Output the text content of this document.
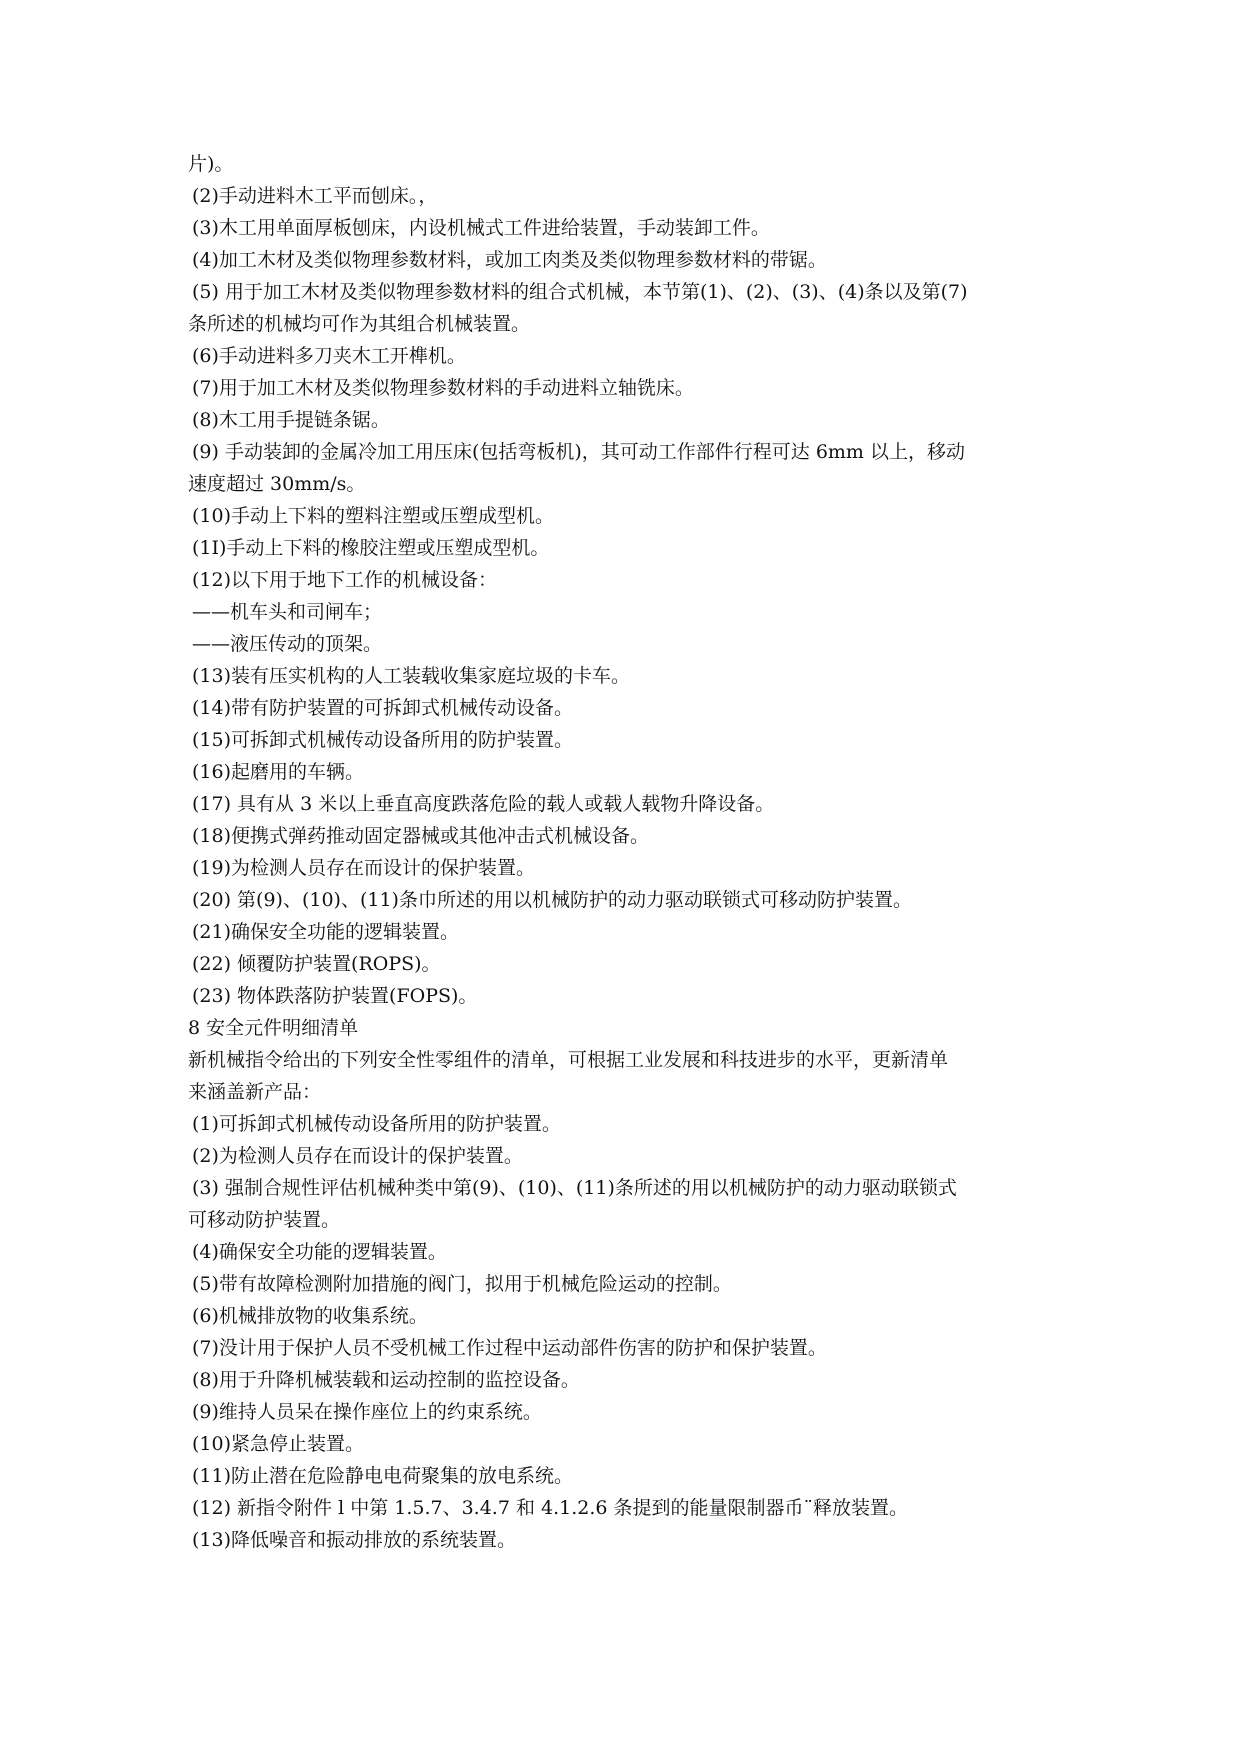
片)。

(2)手动进料木工平而刨床。，

(3)木工用单面厚板刨床，内设机械式工件进给装置，手动装卸工件。

(4)加工木材及类似物理参数材料，或加工肉类及类似物理参数材料的带锯。

(5) 用于加工木材及类似物理参数材料的组合式机械，本节第(1)、(2)、(3)、(4)条以及第(7)

条所述的机械均可作为其组合机械装置。

(6)手动进料多刀夹木工开榫机。

(7)用于加工木材及类似物理参数材料的手动进料立轴铣床。

(8)木工用手提链条锯。

(9) 手动装卸的金属冷加工用压床(包括弯板机)，其可动工作部件行程可达 6mm 以上，移动

速度超过 30mm/s。

(10)手动上下料的塑料注塑或压塑成型机。

(1I)手动上下料的橡胶注塑或压塑成型机。

(12)以下用于地下工作的机械设备：

——机车头和司闸车；

——液压传动的顶架。

(13)装有压实机构的人工装载收集家庭垃圾的卡车。

(14)带有防护装置的可拆卸式机械传动设备。

(15)可拆卸式机械传动设备所用的防护装置。

(16)起磨用的车辆。

(17) 具有从 3 米以上垂直高度跌落危险的载人或载人载物升降设备。

(18)便携式弹药推动固定器械或其他冲击式机械设备。

(19)为检测人员存在而设计的保护装置。

(20) 第(9)、(10)、(11)条巾所述的用以机械防护的动力驱动联锁式可移动防护装置。

(21)确保安全功能的逻辑装置。

(22) 倾覆防护装置(ROPS)。

(23) 物体跌落防护装置(FOPS)。

8 安全元件明细清单

新机械指令给出的下列安全性零组件的清单，可根据工业发展和科技进步的水平，更新清单

来涵盖新产品：

(1)可拆卸式机械传动设备所用的防护装置。

(2)为检测人员存在而设计的保护装置。

(3) 强制合规性评估机械种类中第(9)、(10)、(11)条所述的用以机械防护的动力驱动联锁式

可移动防护装置。

(4)确保安全功能的逻辑装置。

(5)带有故障检测附加措施的阀门，拟用于机械危险运动的控制。

(6)机械排放物的收集系统。

(7)没计用于保护人员不受机械工作过程中运动部件伤害的防护和保护装置。

(8)用于升降机械装载和运动控制的监控设备。

(9)维持人员呆在操作座位上的约束系统。

(10)紧急停止装置。

(11)防止潜在危险静电电荷聚集的放电系统。

(12) 新指令附件 l 中第 1.5.7、3.4.7 和 4.1.2.6 条提到的能量限制器币¨释放装置。

(13)降低噪音和振动排放的系统装置。
